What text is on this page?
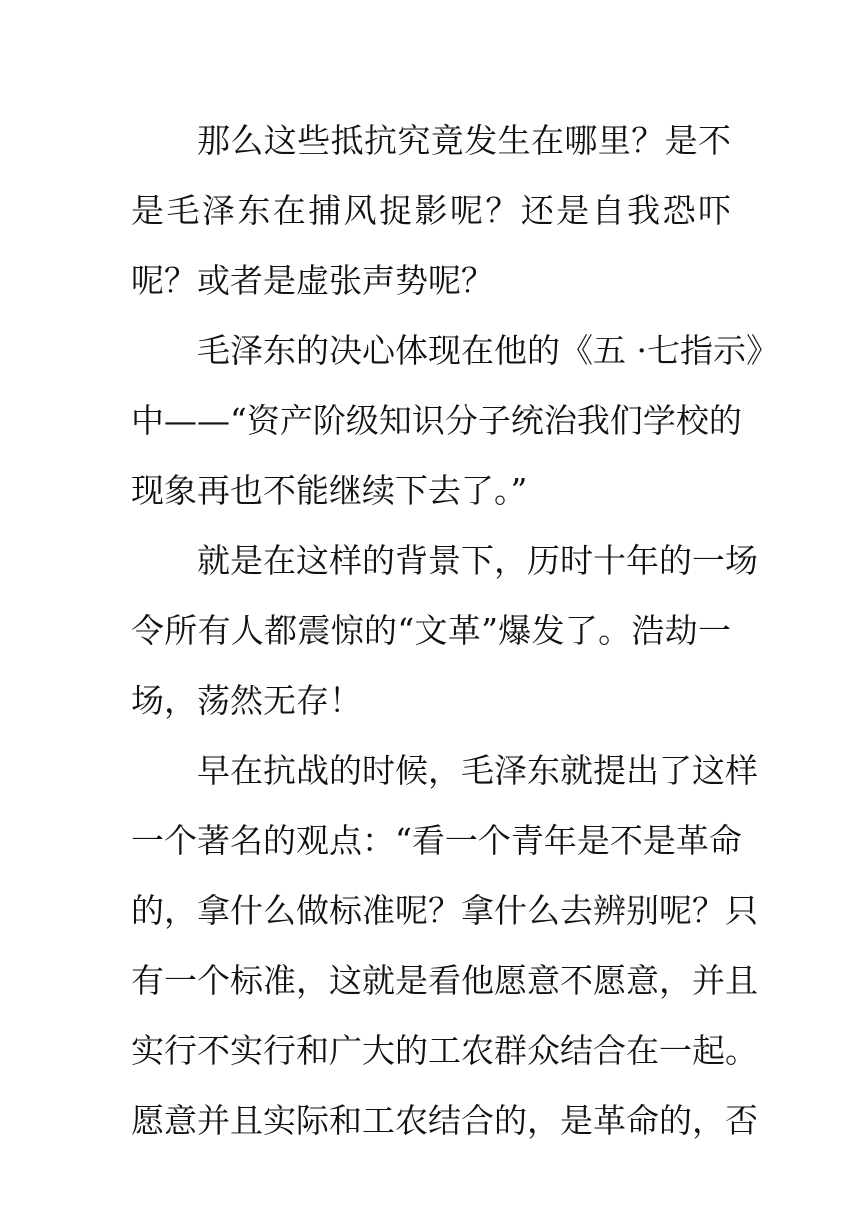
那么这些抵抗究竟发生在哪里？是不
是毛泽东在捕风捉影呢？还是自我恐吓
呢？或者是虚张声势呢？
毛泽东的决心体现在他的《五 ·七指示》
中——“资产阶级知识分子统治我们学校的
现象再也不能继续下去了。”
就是在这样的背景下，历时十年的一场
令所有人都震惊的“文革”爆发了。浩劫一
场，荡然无存！
早在抗战的时候，毛泽东就提出了这样
一个著名的观点：“看一个青年是不是革命
的，拿什么做标准呢？拿什么去辨别呢？只
有一个标准，这就是看他愿意不愿意，并且
实行不实行和广大的工农群众结合在一起。
愿意并且实际和工农结合的，是革命的，否
